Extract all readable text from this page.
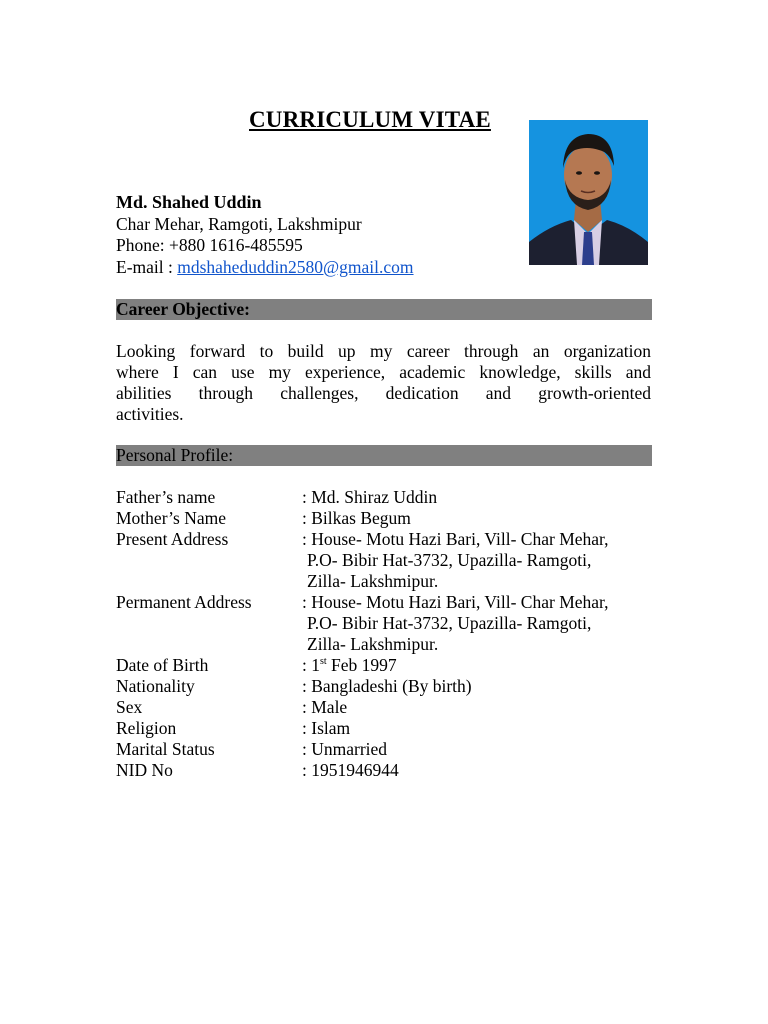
CURRICULUM VITAE
Md. Shahed Uddin
Char Mehar, Ramgoti, Lakshmipur
Phone: +880 1616-485595
E-mail : mdshaheduddin2580@gmail.com
Career Objective:
Looking forward to build up my career through an organization
where I can use my experience, academic knowledge, skills and
abilities through challenges, dedication and growth-oriented
activities.
Personal Profile:
Father’s name	: Md. Shiraz Uddin
Mother’s Name	: Bilkas Begum
Present Address	: House- Motu Hazi Bari, Vill- Char Mehar,
P.O- Bibir Hat-3732, Upazilla- Ramgoti,
Zilla- Lakshmipur.
Permanent Address	: House- Motu Hazi Bari, Vill- Char Mehar,
P.O- Bibir Hat-3732, Upazilla- Ramgoti,
Zilla- Lakshmipur.
Date of Birth	: 1st Feb 1997
Nationality	: Bangladeshi (By birth)
Sex	: Male
Religion	: Islam
Marital Status	: Unmarried
NID No	: 1951946944
